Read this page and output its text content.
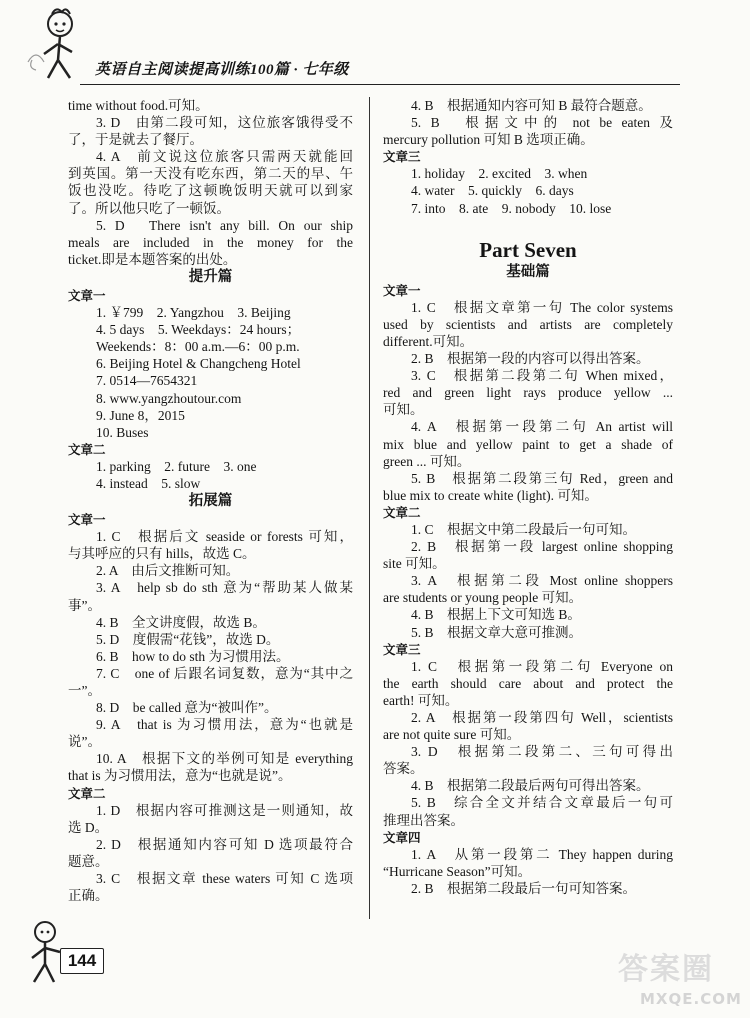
英语自主阅读提高训练100篇 · 七年级
time without food.可知。
3. D　由第二段可知，这位旅客饿得受不
了，于是就去了餐厅。
4. A　前文说这位旅客只需两天就能回
到英国。第一天没有吃东西，第二天的早、午
饭也没吃。待吃了这顿晚饭明天就可以到家
了。所以他只吃了一顿饭。
5. D　There isn't any bill. On our ship
meals are included in the money for the
ticket.即是本题答案的出处。
提升篇
文章一
1. ￥799　2. Yangzhou　3. Beijing
4. 5 days　5. Weekdays：24 hours；
Weekends：8：00 a.m.—6：00 p.m.
6. Beijing Hotel & Changcheng Hotel
7. 0514—7654321
8. www.yangzhoutour.com
9. June 8，2015
10. Buses
文章二
1. parking　2. future　3. one
4. instead　5. slow
拓展篇
文章一
1. C　根据后文 seaside or forests 可知，
与其呼应的只有 hills，故选 C。
2. A　由后文推断可知。
3. A　help sb do sth 意为“帮助某人做某
事”。
4. B　全文讲度假，故选 B。
5. D　度假需“花钱”，故选 D。
6. B　how to do sth 为习惯用法。
7. C　one of 后跟名词复数，意为“其中之
一”。
8. D　be called 意为“被叫作”。
9. A　that is 为习惯用法，意为“也就是
说”。
10. A　根据下文的举例可知是 everything
that is 为习惯用法，意为“也就是说”。
文章二
1. D　根据内容可推测这是一则通知，故
选 D。
2. D　根据通知内容可知 D 选项最符合
题意。
3. C　根据文章 these waters 可知 C 选项
正确。
4. B　根据通知内容可知 B 最符合题意。
5. B　根据文中的 not be eaten 及
mercury pollution 可知 B 选项正确。
文章三
1. holiday　2. excited　3. when
4. water　5. quickly　6. days
7. into　8. ate　9. nobody　10. lose
Part Seven
基础篇
文章一
1. C　根据文章第一句 The color systems
used by scientists and artists are completely
different.可知。
2. B　根据第一段的内容可以得出答案。
3. C　根据第二段第二句 When mixed，
red and green light rays produce yellow ...
可知。
4. A　根据第一段第二句 An artist will
mix blue and yellow paint to get a shade of
green ... 可知。
5. B　根据第二段第三句 Red，green and
blue mix to create white (light). 可知。
文章二
1. C　根据文中第二段最后一句可知。
2. B　根据第一段 largest online shopping
site 可知。
3. A　根据第二段 Most online shoppers
are students or young people 可知。
4. B　根据上下文可知选 B。
5. B　根据文章大意可推测。
文章三
1. C　根据第一段第二句 Everyone on
the earth should care about and protect the
earth! 可知。
2. A　根据第一段第四句 Well，scientists
are not quite sure 可知。
3. D　根据第二段第二、三句可得出
答案。
4. B　根据第二段最后两句可得出答案。
5. B　综合全文并结合文章最后一句可
推理出答案。
文章四
1. A　从第一段第二 They happen during
“Hurricane Season”可知。
2. B　根据第二段最后一句可知答案。
144	答案圈
MXQE.COM
